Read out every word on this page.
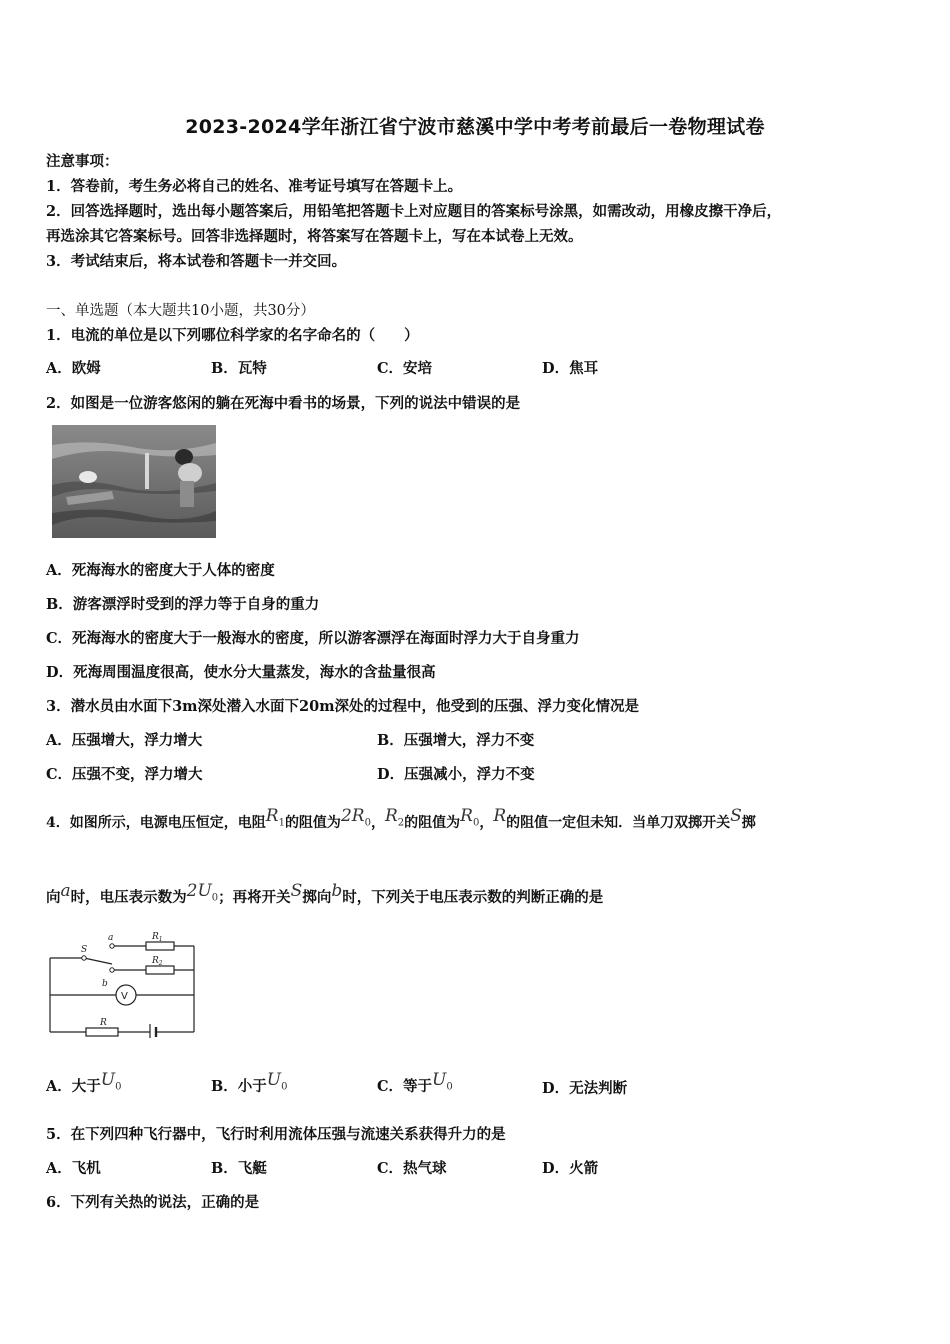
2023-2024学年浙江省宁波市慈溪中学中考考前最后一卷物理试卷
注意事项：
1．答卷前，考生务必将自己的姓名、准考证号填写在答题卡上。
2．回答选择题时，选出每小题答案后，用铅笔把答题卡上对应题目的答案标号涂黑，如需改动，用橡皮擦干净后，
再选涂其它答案标号。回答非选择题时，将答案写在答题卡上，写在本试卷上无效。
3．考试结束后，将本试卷和答题卡一并交回。
一、单选题（本大题共10小题，共30分）
1．电流的单位是以下列哪位科学家的名字命名的（　　）
A．欧姆	B．瓦特	C．安培	D．焦耳
2．如图是一位游客悠闲的躺在死海中看书的场景，下列的说法中错误的是
A．死海海水的密度大于人体的密度
B．游客漂浮时受到的浮力等于自身的重力
C．死海海水的密度大于一般海水的密度，所以游客漂浮在海面时浮力大于自身重力
D．死海周围温度很高，使水分大量蒸发，海水的含盐量很高
3．潜水员由水面下3m深处潜入水面下20m深处的过程中，他受到的压强、浮力变化情况是
A．压强增大，浮力增大	B．压强增大，浮力不变
C．压强不变，浮力增大	D．压强减小，浮力不变
4．如图所示，电源电压恒定，电阻$R_1$的阻值为$2R_0$，$R_2$的阻值为$R_0$，R的阻值一定但未知．当单刀双掷开关S掷
向a时，电压表示数为$2U_0$；再将开关S掷向b时，下列关于电压表示数的判断正确的是
S
a
b
$R_1$
$R_2$
R
V
A．大于$U_0$	B．小于$U_0$	C．等于$U_0$	D．无法判断
5．在下列四种飞行器中，飞行时利用流体压强与流速关系获得升力的是
A．飞机	B．飞艇	C．热气球	D．火箭
6．下列有关热的说法，正确的是
